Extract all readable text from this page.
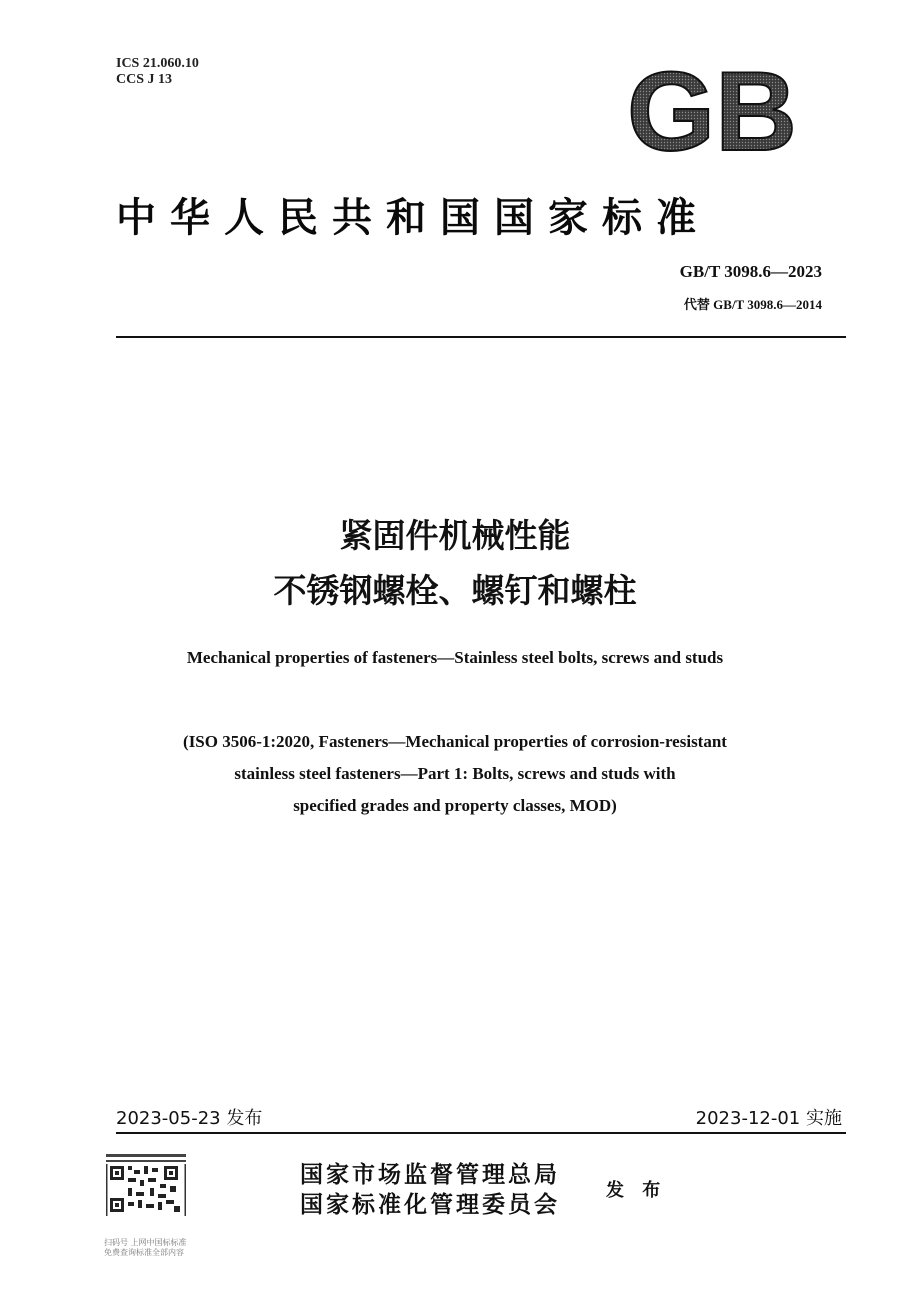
ICS 21.060.10
CCS J 13	GB
中华人民共和国国家标准
GB/T 3098.6—2023
代替 GB/T 3098.6—2014
紧固件机械性能
不锈钢螺栓、螺钉和螺柱
Mechanical properties of fasteners—Stainless steel bolts, screws and studs
(ISO 3506-1:2020, Fasteners—Mechanical properties of corrosion-resistant
stainless steel fasteners—Part 1: Bolts, screws and studs with
specified grades and property classes, MOD)
2023-05-23 发布	2023-12-01 实施
国家市场监督管理总局
国家标准化管理委员会
发 布
扫码号 上网中国标标准
免费查询标准全部内容
